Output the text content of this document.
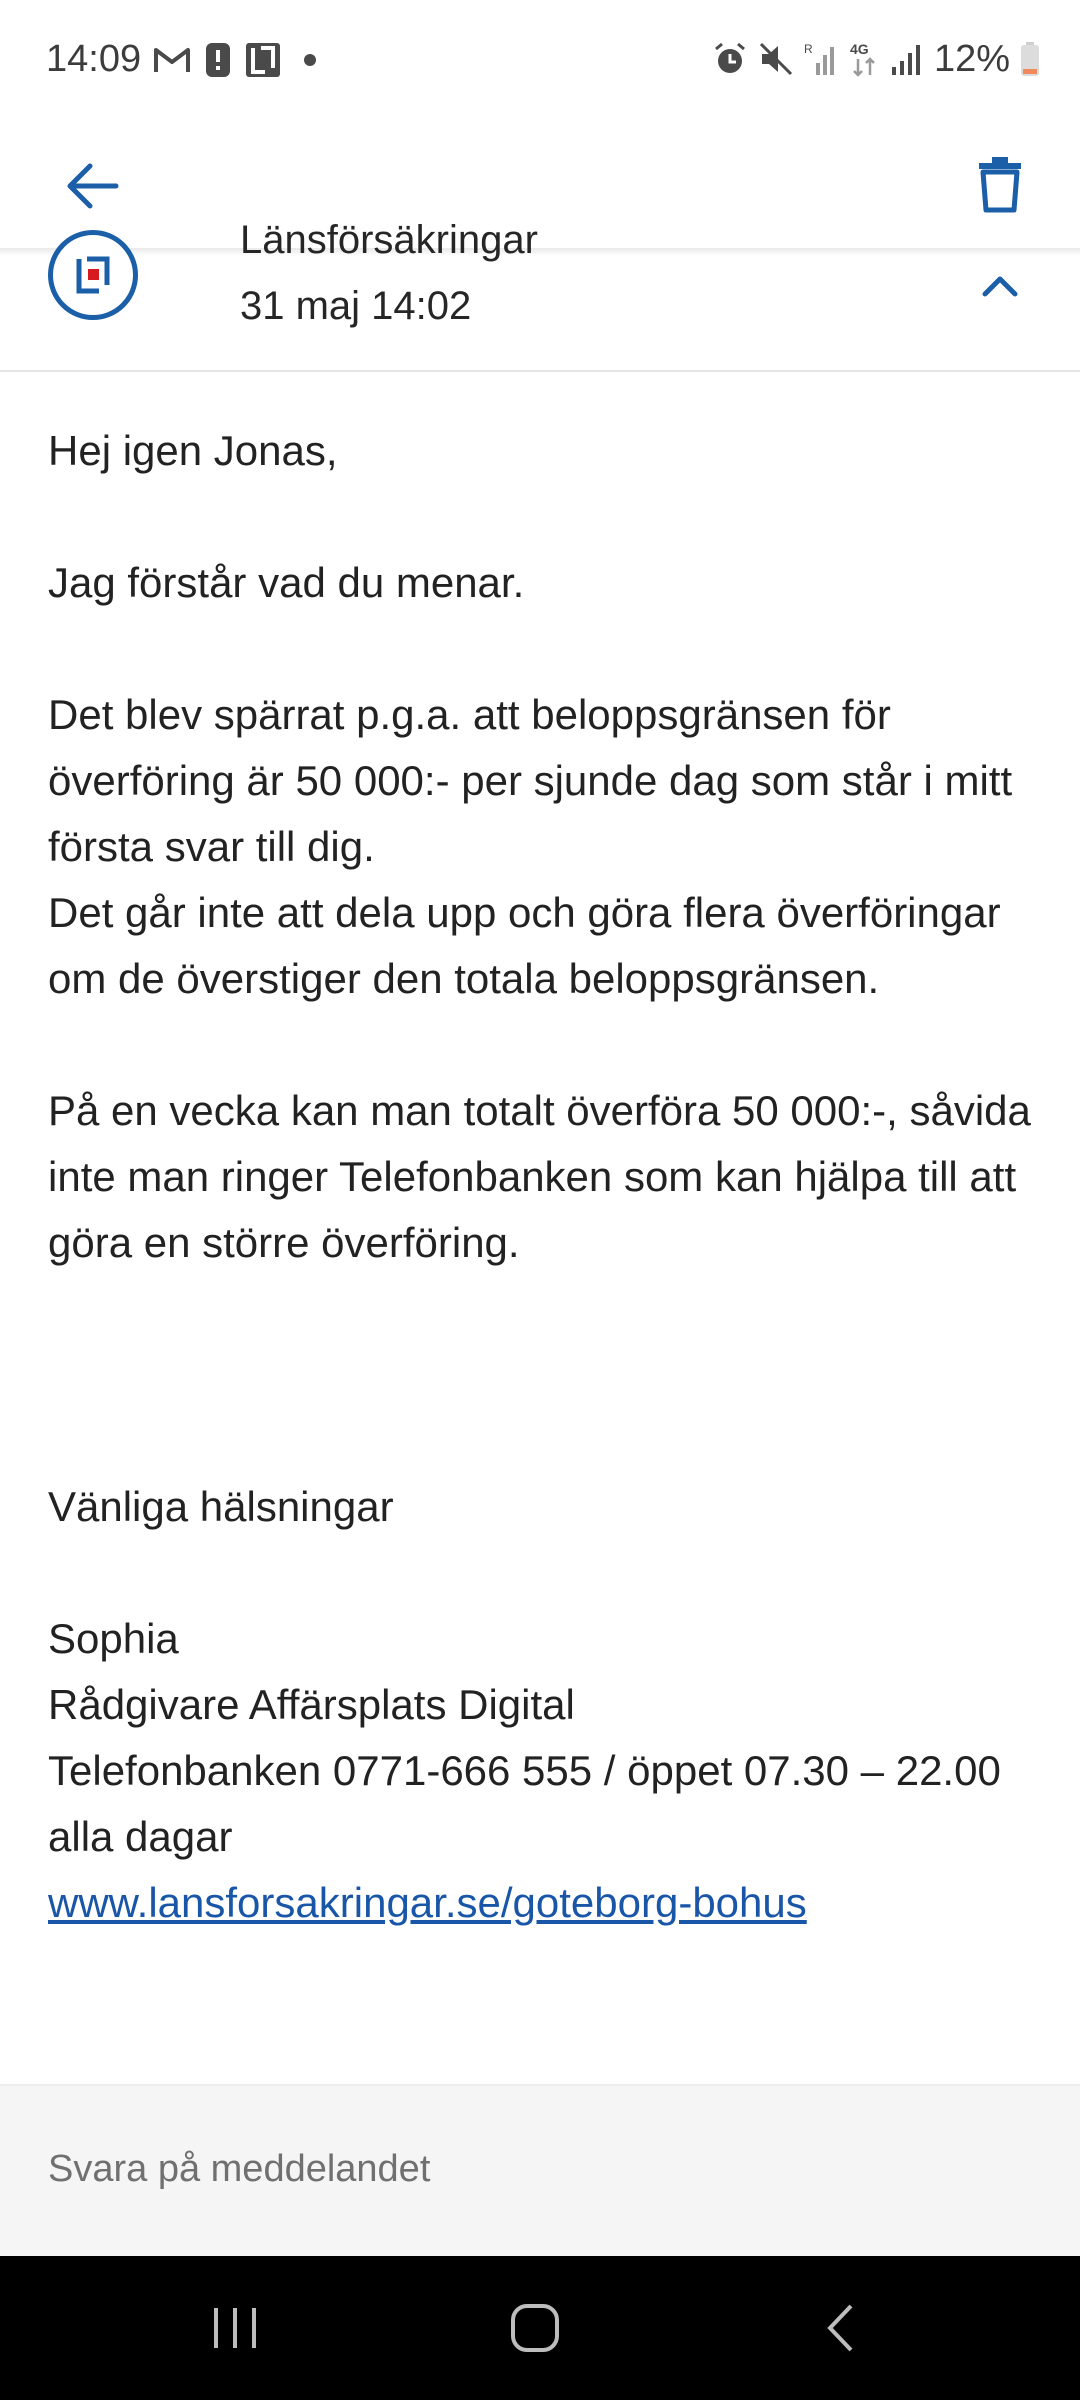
14:09	R	4G 12%
Länsförsäkringar
31 maj 14:02

Hej igen Jonas,

Jag förstår vad du menar.

Det blev spärrat p.g.a. att beloppsgränsen för överföring är 50 000:- per sjunde dag som står i mitt första svar till dig.

Det går inte att dela upp och göra flera överföringar om de överstiger den totala beloppsgränsen.

På en vecka kan man totalt överföra 50 000:-, såvida inte man ringer Telefonbanken som kan hjälpa till att göra en större överföring.

Vänliga hälsningar

Sophia

Rådgivare Affärsplats Digital

Telefonbanken 0771-666 555 / öppet 07.30 – 22.00 alla dagar

www.lansforsakringar.se/goteborg-bohus

Svara på meddelandet
